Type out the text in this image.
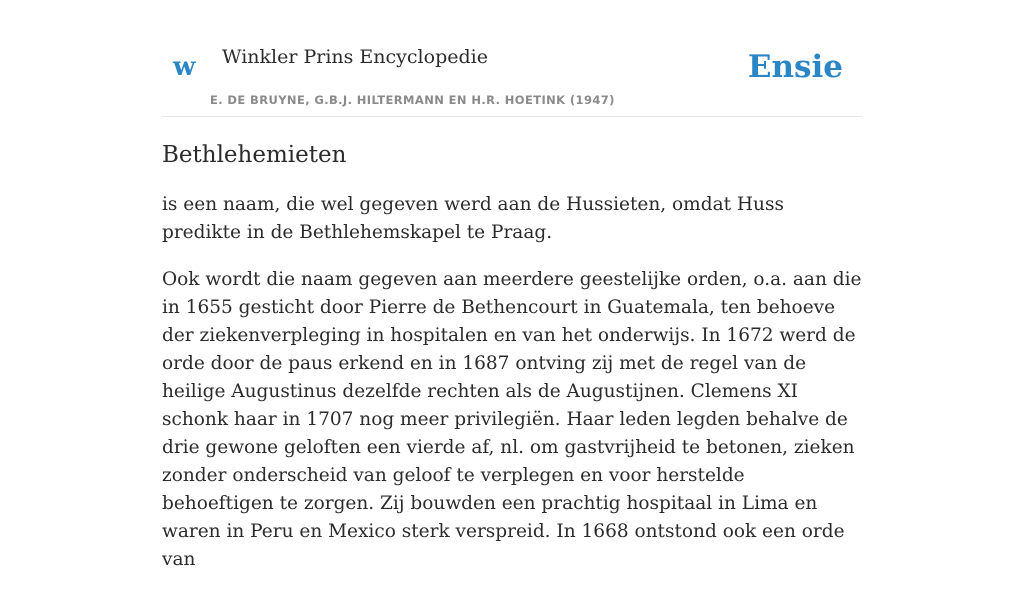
w Winkler Prins Encyclopedie
E. DE BRUYNE, G.B.J. HILTERMANN EN H.R. HOETINK (1947)
Ensie
Bethlehemieten

is een naam, die wel gegeven werd aan de Hussieten, omdat Huss predikte in de Bethlehemskapel te Praag.

Ook wordt die naam gegeven aan meerdere geestelijke orden, o.a. aan die in 1655 gesticht door Pierre de Bethencourt in Guatemala, ten behoeve der ziekenverpleging in hospitalen en van het onderwijs. In 1672 werd de orde door de paus erkend en in 1687 ontving zij met de regel van de heilige Augustinus dezelfde rechten als de Augustijnen. Clemens XI schonk haar in 1707 nog meer privilegiën. Haar leden legden behalve de drie gewone geloften een vierde af, nl. om gastvrijheid te betonen, zieken zonder onderscheid van geloof te verplegen en voor herstelde behoeftigen te zorgen. Zij bouwden een prachtig hospitaal in Lima en waren in Peru en Mexico sterk verspreid. In 1668 ontstond ook een orde van
